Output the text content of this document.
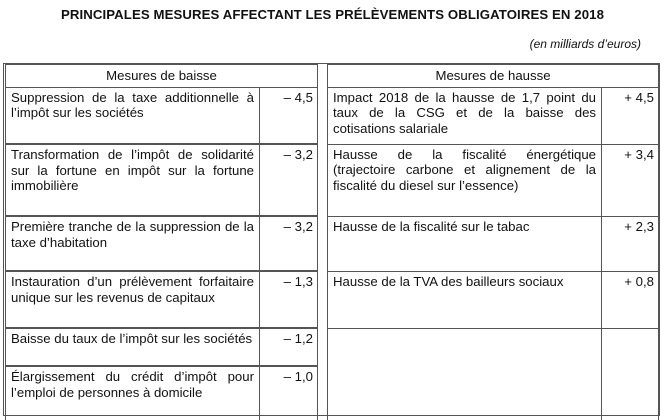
PRINCIPALES MESURES AFFECTANT LES PRÉLÈVEMENTS OBLIGATOIRES EN 2018
(en milliards d’euros)
Mesures de baisse	
Suppression de la taxe additionnelle à l’impôt sur les sociétés	– 4,5
Transformation de l’impôt de solidarité sur la fortune en impôt sur la fortune immobilière	– 3,2
Première tranche de la suppression de la taxe d’habitation	– 3,2
Instauration d’un prélèvement forfaitaire unique sur les revenus de capitaux	– 1,3
Baisse du taux de l’impôt sur les sociétés	– 1,2
Élargissement du crédit d’impôt pour l’emploi de personnes à domicile	– 1,0
Mesures de hausse	
Impact 2018 de la hausse de 1,7 point du taux de la CSG et de la baisse des cotisations salariale	+ 4,5
Hausse de la fiscalité énergétique (trajectoire carbone et alignement de la fiscalité du diesel sur l’essence)	+ 3,4
Hausse de la fiscalité sur le tabac	+ 2,3
Hausse de la TVA des bailleurs sociaux	+ 0,8
